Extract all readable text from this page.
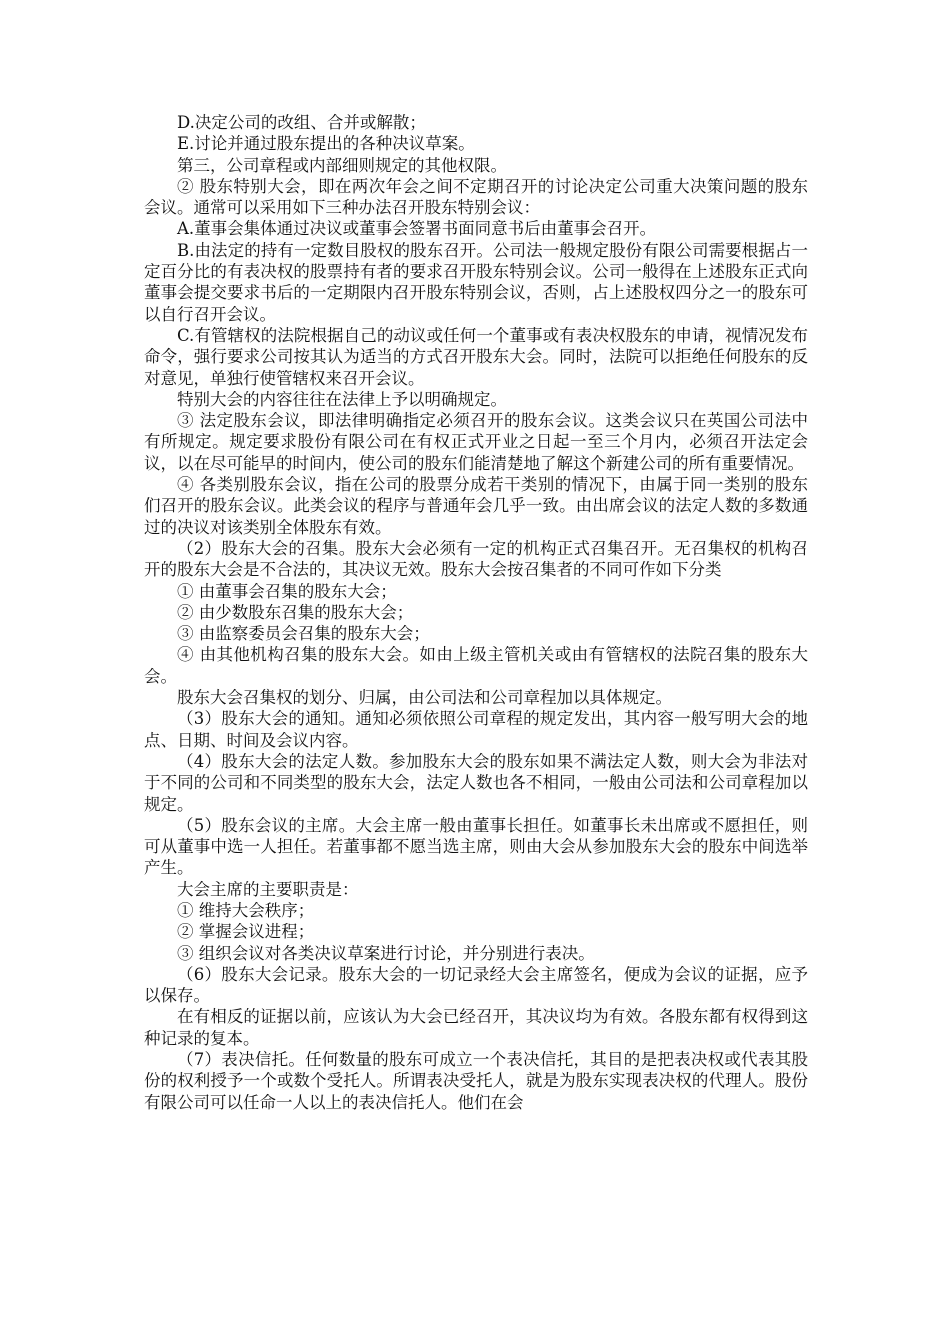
D.决定公司的改组、合并或解散；

E.讨论并通过股东提出的各种决议草案。

第三，公司章程或内部细则规定的其他权限。

② 股东特别大会，即在两次年会之间不定期召开的讨论决定公司重大决策问题的股东会议。通常可以采用如下三种办法召开股东特别会议：

A.董事会集体通过决议或董事会签署书面同意书后由董事会召开。

B.由法定的持有一定数目股权的股东召开。公司法一般规定股份有限公司需要根据占一定百分比的有表决权的股票持有者的要求召开股东特别会议。公司一般得在上述股东正式向董事会提交要求书后的一定期限内召开股东特别会议，否则，占上述股权四分之一的股东可以自行召开会议。

C.有管辖权的法院根据自己的动议或任何一个董事或有表决权股东的申请，视情况发布命令，强行要求公司按其认为适当的方式召开股东大会。同时，法院可以拒绝任何股东的反对意见，单独行使管辖权来召开会议。

特别大会的内容往往在法律上予以明确规定。

③ 法定股东会议，即法律明确指定必须召开的股东会议。这类会议只在英国公司法中有所规定。规定要求股份有限公司在有权正式开业之日起一至三个月内，必须召开法定会议，以在尽可能早的时间内，使公司的股东们能清楚地了解这个新建公司的所有重要情况。

④ 各类别股东会议，指在公司的股票分成若干类别的情况下，由属于同一类别的股东们召开的股东会议。此类会议的程序与普通年会几乎一致。由出席会议的法定人数的多数通过的决议对该类别全体股东有效。

（2）股东大会的召集。股东大会必须有一定的机构正式召集召开。无召集权的机构召开的股东大会是不合法的，其决议无效。股东大会按召集者的不同可作如下分类

① 由董事会召集的股东大会；

② 由少数股东召集的股东大会；

③ 由监察委员会召集的股东大会；

④ 由其他机构召集的股东大会。如由上级主管机关或由有管辖权的法院召集的股东大会。

股东大会召集权的划分、归属，由公司法和公司章程加以具体规定。

（3）股东大会的通知。通知必须依照公司章程的规定发出，其内容一般写明大会的地点、日期、时间及会议内容。

（4）股东大会的法定人数。参加股东大会的股东如果不满法定人数，则大会为非法对于不同的公司和不同类型的股东大会，法定人数也各不相同，一般由公司法和公司章程加以规定。

（5）股东会议的主席。大会主席一般由董事长担任。如董事长未出席或不愿担任，则可从董事中选一人担任。若董事都不愿当选主席，则由大会从参加股东大会的股东中间选举产生。

大会主席的主要职责是：

① 维持大会秩序；

② 掌握会议进程；

③ 组织会议对各类决议草案进行讨论，并分别进行表决。

（6）股东大会记录。股东大会的一切记录经大会主席签名，便成为会议的证据，应予以保存。

在有相反的证据以前，应该认为大会已经召开，其决议均为有效。各股东都有权得到这种记录的复本。

（7）表决信托。任何数量的股东可成立一个表决信托，其目的是把表决权或代表其股份的权利授予一个或数个受托人。所谓表决受托人，就是为股东实现表决权的代理人。股份有限公司可以任命一人以上的表决信托人。他们在会
